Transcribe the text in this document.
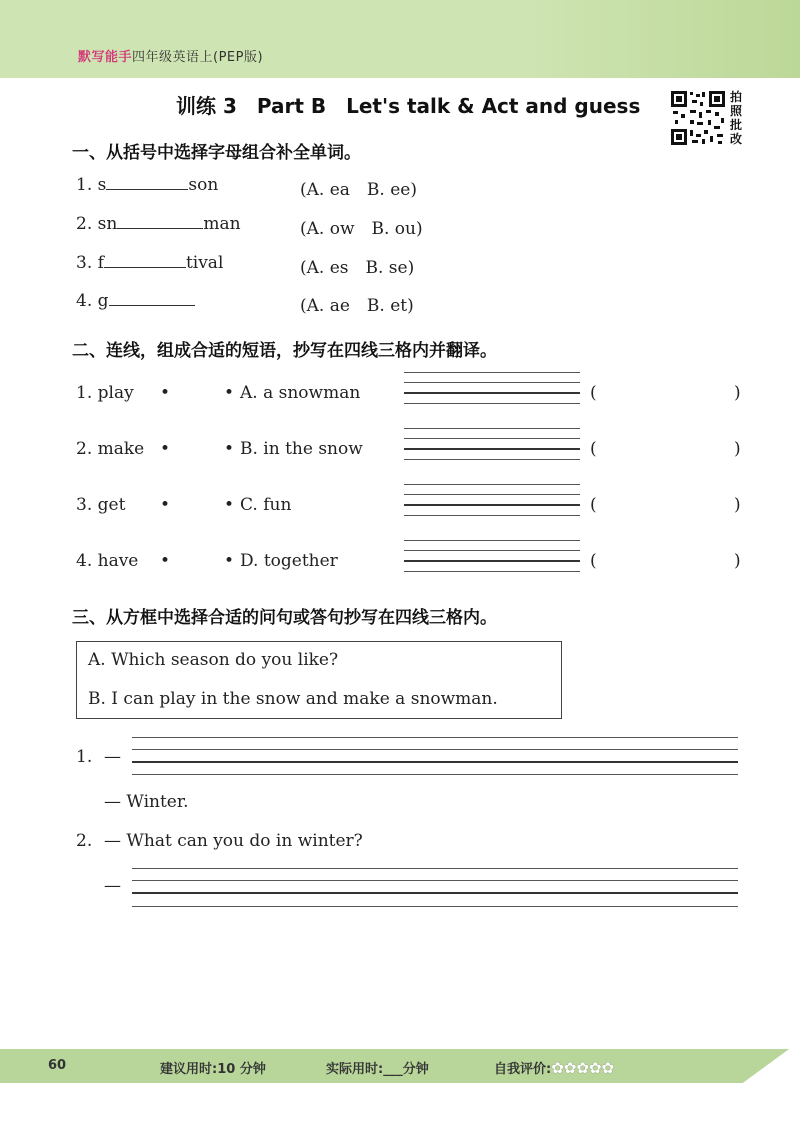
默写能手四年级英语上(PEP版)
训练 3　Part B　Let's talk & Act and guess	拍
照
批
改
一、从括号中选择字母组合补全单词。
1. s	son	(A. ea　B. ee)
2. sn	man	(A. ow　B. ou)
3. f	tival	(A. es　B. se)
4. g	(A. ae　B. et)
二、连线，组成合适的短语，抄写在四线三格内并翻译。
1. play •	• A. a snowman	(	)
2. make •	• B. in the snow	(	)
3. get •	• C. fun	(	)
4. have •	• D. together	(	)
三、从方框中选择合适的问句或答句抄写在四线三格内。
A. Which season do you like?
B. I can play in the snow and make a snowman.
1. —
— Winter.
2. — What can you do in winter?
—
60	建议用时:10 分钟	实际用时:___分钟	自我评价:✿✿✿✿✿
